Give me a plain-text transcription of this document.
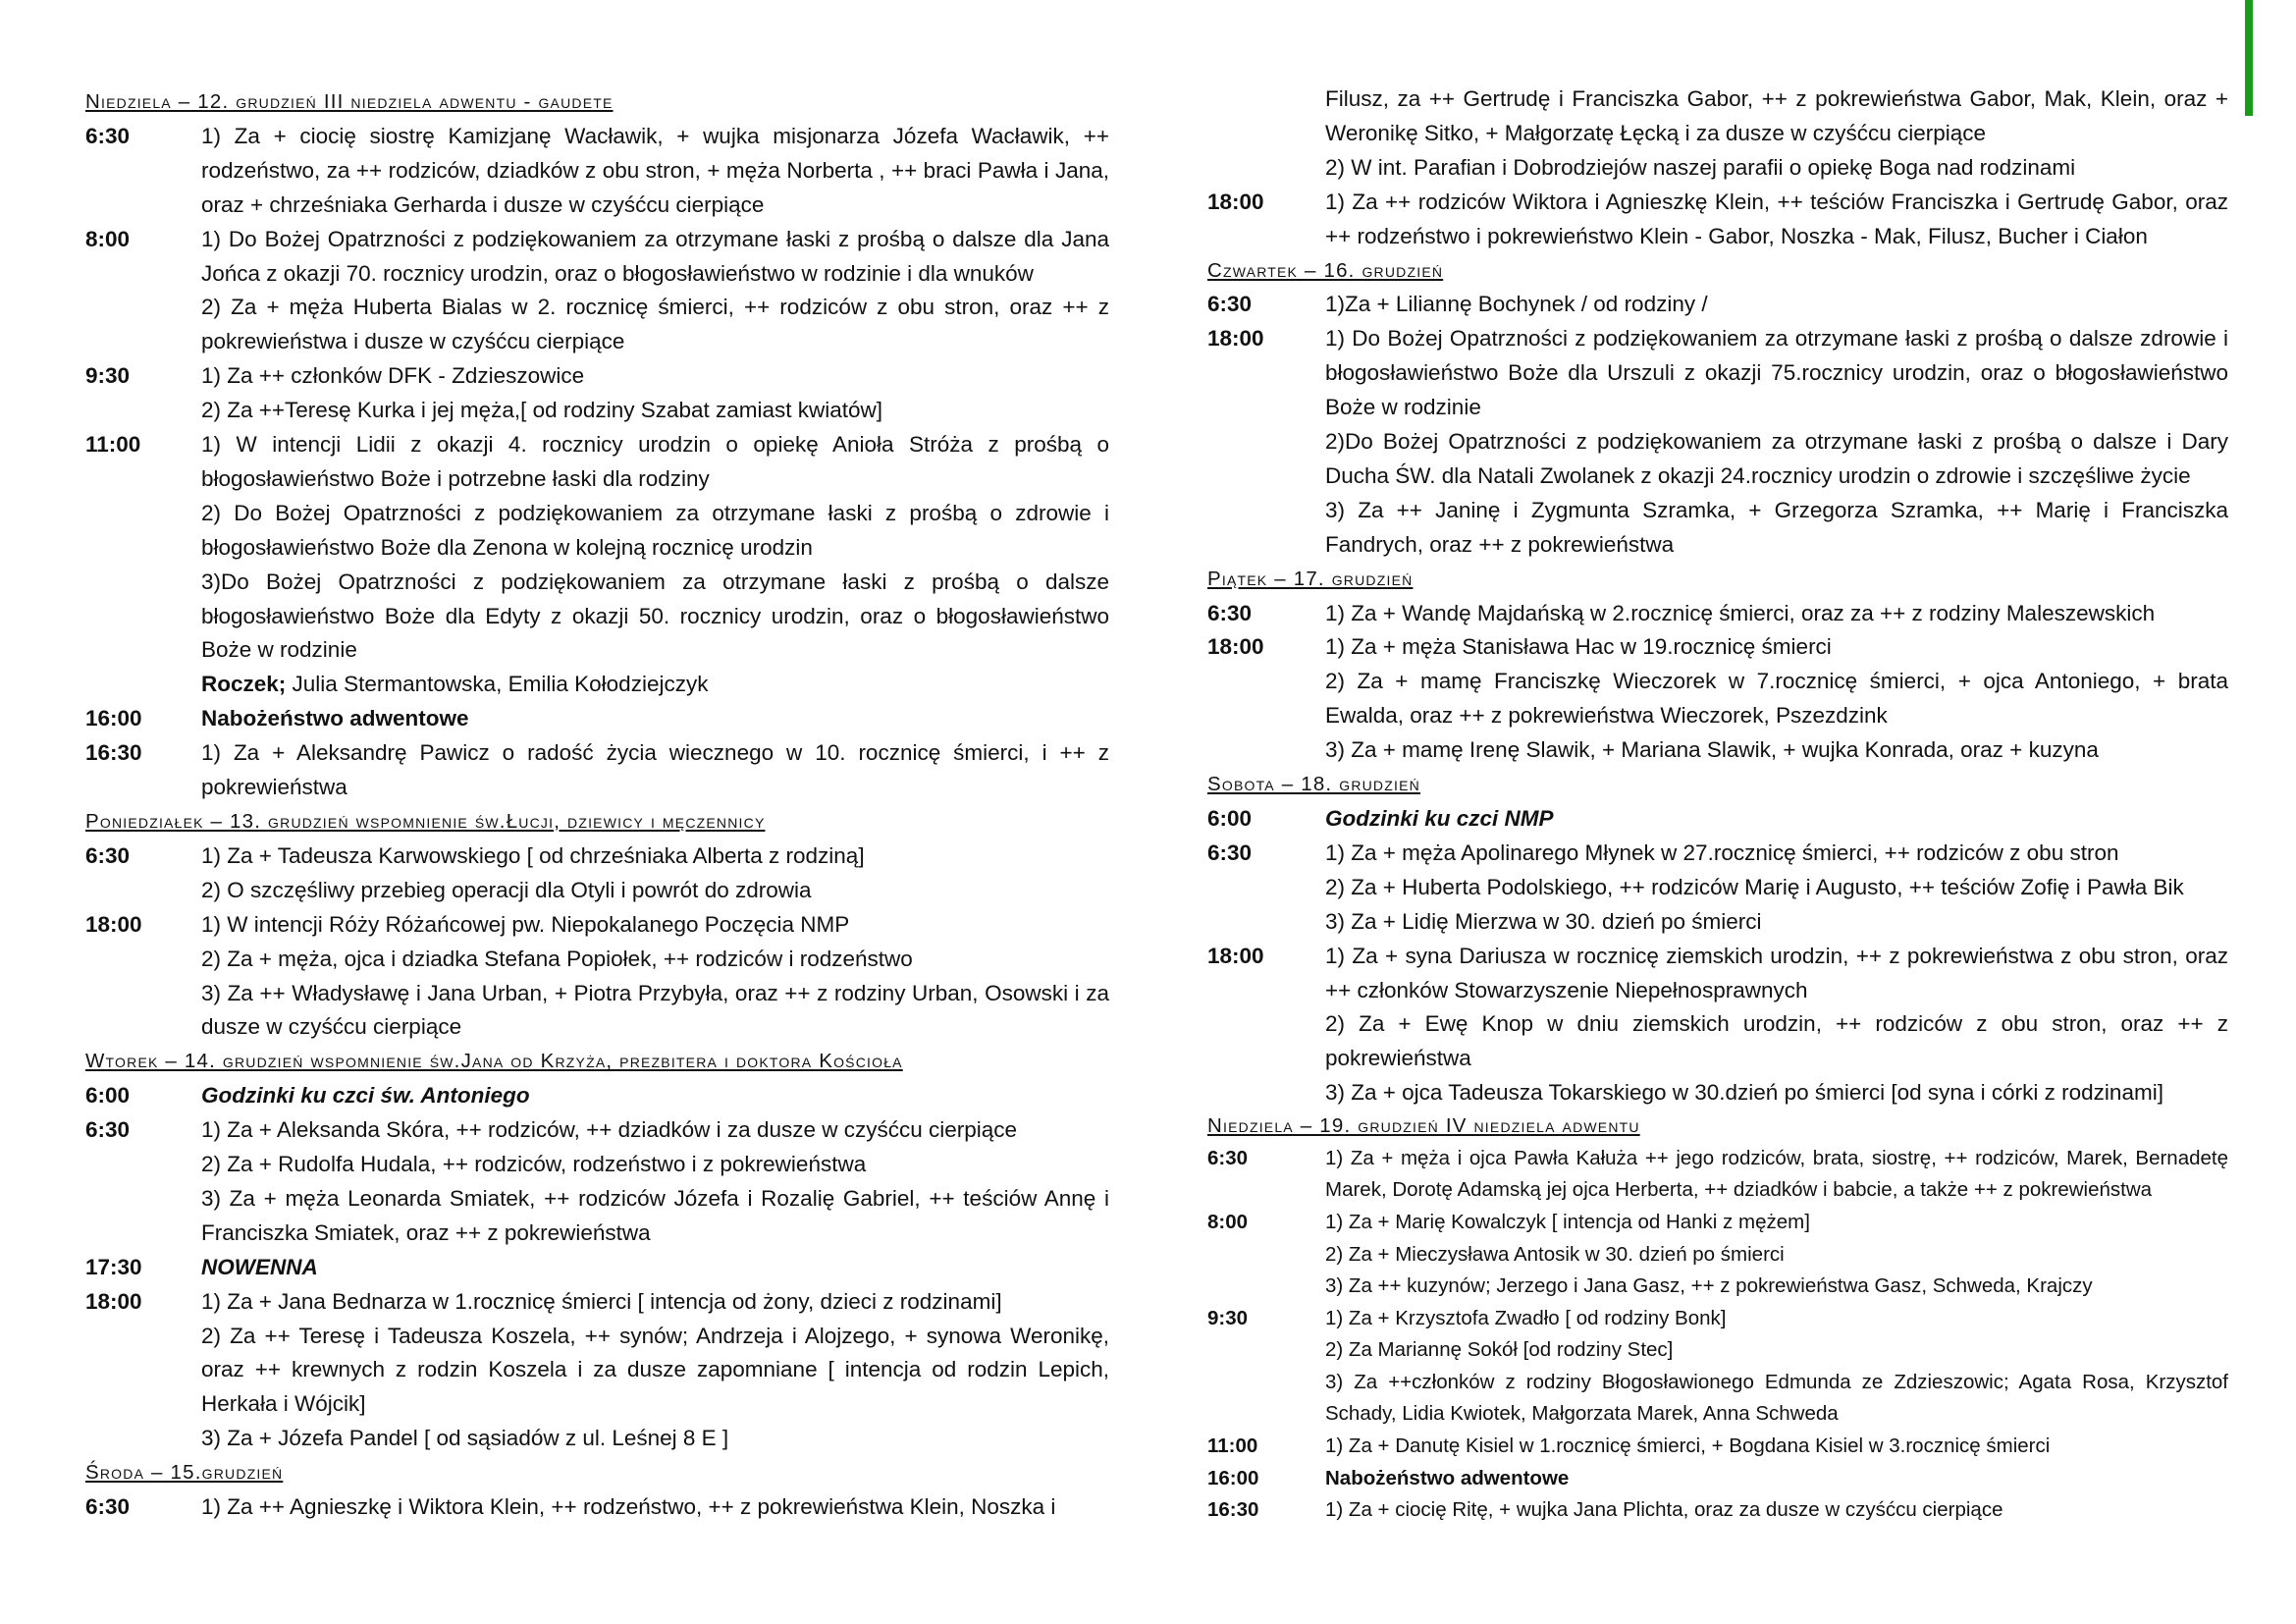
Niedziela – 12. grudzień III niedziela adwentu - gaudete
6:30	1) Za + ciocię siostrę Kamizjanę Wacławik, + wujka misjonarza Józefa Wacławik, ++ rodzeństwo, za ++ rodziców, dziadków z obu stron, + męża Norberta , ++ braci Pawła i Jana, oraz + chrześniaka Gerharda i dusze w czyśćcu cierpiące
8:00	1) Do Bożej Opatrzności z podziękowaniem za otrzymane łaski z prośbą o dalsze dla Jana Jońca z okazji 70. rocznicy urodzin, oraz o błogosławieństwo w rodzinie i dla wnuków
2) Za + męża Huberta Bialas w 2. rocznicę śmierci, ++ rodziców z obu stron, oraz ++ z pokrewieństwa i dusze w czyśćcu cierpiące
9:30	1) Za ++ członków DFK - Zdzieszowice
2) Za ++Teresę Kurka i jej męża,[ od rodziny Szabat zamiast kwiatów]
11:00	1) W intencji Lidii z okazji 4. rocznicy urodzin o opiekę Anioła Stróża z prośbą o błogosławieństwo Boże i potrzebne łaski dla rodziny
2) Do Bożej Opatrzności z podziękowaniem za otrzymane łaski z prośbą o zdrowie i błogosławieństwo Boże dla Zenona w kolejną rocznicę urodzin
3)Do Bożej Opatrzności z podziękowaniem za otrzymane łaski z prośbą o dalsze błogosławieństwo Boże dla Edyty z okazji 50. rocznicy urodzin, oraz o błogosławieństwo Boże w rodzinie
Roczek; Julia Stermantowska, Emilia Kołodziejczyk
16:00	Nabożeństwo adwentowe
16:30	1) Za + Aleksandrę Pawicz o radość życia wiecznego w 10. rocznicę śmierci, i ++ z pokrewieństwa
Poniedziałek – 13. grudzień wspomnienie św.Łucji, dziewicy i męczennicy
6:30	1) Za + Tadeusza Karwowskiego [ od chrześniaka Alberta z rodziną]
2) O szczęśliwy przebieg operacji dla Otyli i powrót do zdrowia
18:00	1) W intencji Róży Różańcowej pw. Niepokalanego Poczęcia NMP
2) Za + męża, ojca i dziadka Stefana Popiołek, ++ rodziców i rodzeństwo
3) Za ++ Władysławę i Jana Urban, + Piotra Przybyła, oraz ++ z rodziny Urban, Osowski i za dusze w czyśćcu cierpiące
Wtorek – 14. grudzień wspomnienie św.Jana od Krzyża, prezbitera i doktora Kościoła
6:00	Godzinki ku czci św. Antoniego
6:30	1) Za + Aleksanda Skóra, ++ rodziców, ++ dziadków i za dusze w czyśćcu cierpiące
2) Za + Rudolfa Hudala, ++ rodziców, rodzeństwo i z pokrewieństwa
3) Za + męża Leonarda Smiatek, ++ rodziców Józefa i Rozalię Gabriel, ++ teściów Annę i Franciszka Smiatek, oraz ++ z pokrewieństwa
17:30	NOWENNA
18:00	1) Za + Jana Bednarza w 1.rocznicę śmierci [ intencja od żony, dzieci z rodzinami]
2) Za ++ Teresę i Tadeusza Koszela, ++ synów; Andrzeja i Alojzego, + synowa Weronikę, oraz ++ krewnych z rodzin Koszela i za dusze zapomniane [ intencja od rodzin Lepich, Herkała i Wójcik]
3) Za + Józefa Pandel [ od sąsiadów z ul. Leśnej 8 E ]
Środa – 15.grudzień
6:30	1) Za ++ Agnieszkę i Wiktora Klein, ++ rodzeństwo, ++ z pokrewieństwa Klein, Noszka i
Filusz, za ++ Gertrudę i Franciszka Gabor, ++ z pokrewieństwa Gabor, Mak, Klein, oraz + Weronikę Sitko, + Małgorzatę Łęcką i za dusze w czyśćcu cierpiące
2) W int. Parafian i Dobrodziejów naszej parafii o opiekę Boga nad rodzinami
18:00	1) Za ++ rodziców Wiktora i Agnieszkę Klein, ++ teściów Franciszka i Gertrudę Gabor, oraz ++ rodzeństwo i pokrewieństwo Klein - Gabor, Noszka - Mak, Filusz, Bucher i Ciałon
Czwartek – 16. grudzień
6:30	1)Za + Liliannę Bochynek / od rodziny /
18:00	1) Do Bożej Opatrzności z podziękowaniem za otrzymane łaski z prośbą o dalsze zdrowie i błogosławieństwo Boże dla Urszuli z okazji 75.rocznicy urodzin, oraz o błogosławieństwo Boże w rodzinie
2)Do Bożej Opatrzności z podziękowaniem za otrzymane łaski z prośbą o dalsze i Dary Ducha ŚW. dla Natali Zwolanek z okazji 24.rocznicy urodzin o zdrowie i szczęśliwe życie
3) Za ++ Janinę i Zygmunta Szramka, + Grzegorza Szramka, ++ Marię i Franciszka Fandrych, oraz ++ z pokrewieństwa
Piątek – 17. grudzień
6:30	1) Za + Wandę Majdańską w 2.rocznicę śmierci, oraz za ++ z rodziny Maleszewskich
18:00	1) Za + męża Stanisława Hac w 19.rocznicę śmierci
2) Za + mamę Franciszkę Wieczorek w 7.rocznicę śmierci, + ojca Antoniego, + brata Ewalda, oraz ++ z pokrewieństwa Wieczorek, Pszezdzink
3) Za + mamę Irenę Slawik, + Mariana Slawik, + wujka Konrada, oraz + kuzyna
Sobota – 18. grudzień
6:00	Godzinki ku czci NMP
6:30	1) Za + męża Apolinarego Młynek w 27.rocznicę śmierci, ++ rodziców z obu stron
2) Za + Huberta Podolskiego, ++ rodziców Marię i Augusto, ++ teściów Zofię i Pawła Bik
3) Za + Lidię Mierzwa w 30. dzień po śmierci
18:00	1) Za + syna Dariusza w rocznicę ziemskich urodzin, ++ z pokrewieństwa z obu stron, oraz ++ członków Stowarzyszenie Niepełnosprawnych
2) Za + Ewę Knop w dniu ziemskich urodzin, ++ rodziców z obu stron, oraz ++ z pokrewieństwa
3) Za + ojca Tadeusza Tokarskiego w 30.dzień po śmierci [od syna i córki z rodzinami]
Niedziela – 19. grudzień IV niedziela adwentu
6:30	1) Za + męża i ojca Pawła Kałuża ++ jego rodziców, brata, siostrę, ++ rodziców, Marek, Bernadetę Marek, Dorotę Adamską jej ojca Herberta, ++ dziadków i babcie, a także ++ z pokrewieństwa
8:00	1) Za + Marię Kowalczyk [ intencja od Hanki z mężem]
2) Za + Mieczysława Antosik w 30. dzień po śmierci
3) Za ++ kuzynów; Jerzego i Jana Gasz, ++ z pokrewieństwa Gasz, Schweda, Krajczy
9:30	1) Za + Krzysztofa Zwadło [ od rodziny Bonk]
2) Za Mariannę Sokół [od rodziny Stec]
3) Za ++członków z rodziny Błogosławionego Edmunda ze Zdzieszowic; Agata Rosa, Krzysztof Schady, Lidia Kwiotek, Małgorzata Marek, Anna Schweda
11:00	1) Za + Danutę Kisiel w 1.rocznicę śmierci, + Bogdana Kisiel w 3.rocznicę śmierci
16:00	Nabożeństwo adwentowe
16:30	1) Za + ciocię Ritę, + wujka Jana Plichta, oraz za dusze w czyśćcu cierpiące
